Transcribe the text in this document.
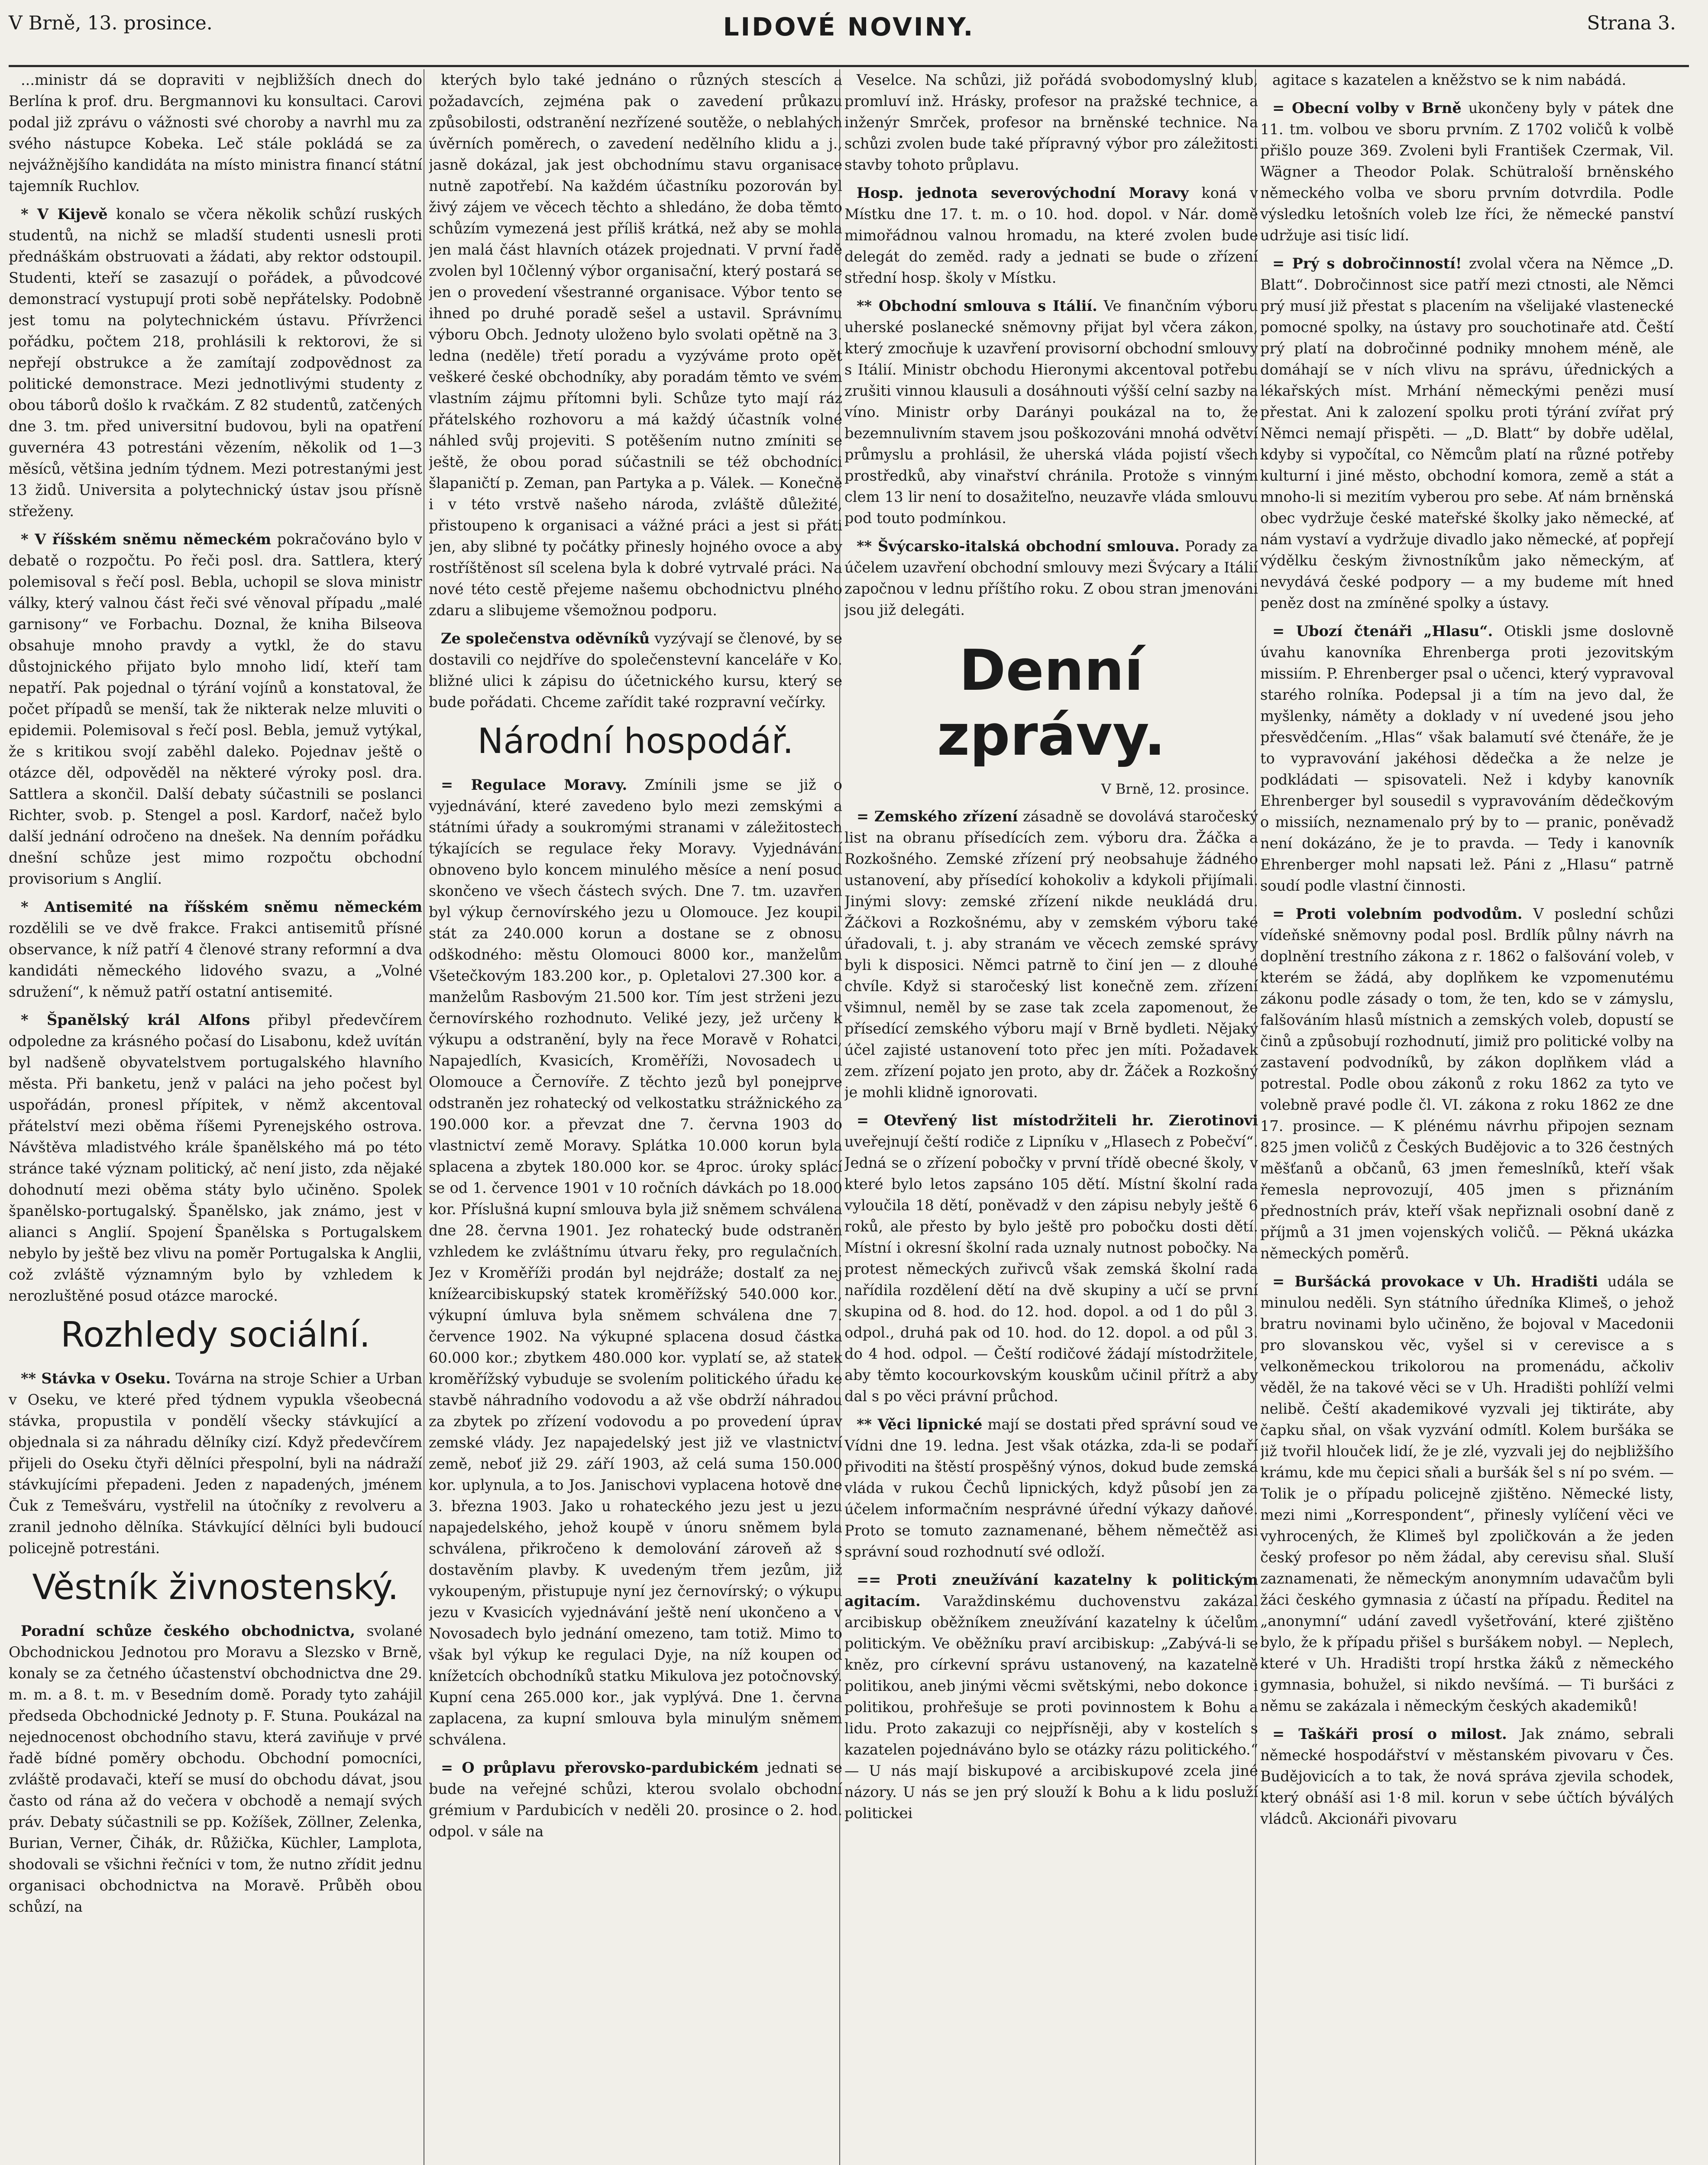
V Brně, 13. prosince.	LIDOVÉ NOVINY.	Strana 3.

...ministr dá se dopraviti v nejbližších dnech do Berlína k prof. dru. Bergmannovi ku konsultaci. Carovi podal již zprávu o vážnosti své choroby a navrhl mu za svého nástupce Kobeka. Leč stále pokládá se za nejvážnějšího kandidáta na místo ministra financí státní tajemník Ruchlov.

* V Kijevě konalo se včera několik schůzí ruských studentů, na nichž se mladší studenti usnesli proti přednáškám obstruovati a žádati, aby rektor odstoupil. Studenti, kteří se zasazují o pořádek, a původcové demonstrací vystupují proti sobě nepřátelsky. Podobně jest tomu na polytechnickém ústavu. Přívrženci pořádku, počtem 218, prohlásili k rektorovi, že si nepřejí obstrukce a že zamítají zodpovědnost za politické demonstrace. Mezi jednotlivými studenty z obou táborů došlo k rvačkám. Z 82 studentů, zatčených dne 3. tm. před universitní budovou, byli na opatření guvernéra 43 potrestáni vězením, několik od 1—3 měsíců, většina jedním týdnem. Mezi potrestanými jest 13 židů. Universita a polytechnický ústav jsou přísně střeženy.

* V říšském sněmu německém pokračováno bylo v debatě o rozpočtu. Po řeči posl. dra. Sattlera, který polemisoval s řečí posl. Bebla, uchopil se slova ministr války, který valnou část řeči své věnoval případu „malé garnisony“ ve Forbachu. Doznal, že kniha Bilseova obsahuje mnoho pravdy a vytkl, že do stavu důstojnického přijato bylo mnoho lidí, kteří tam nepatří. Pak pojednal o týrání vojínů a konstatoval, že počet případů se menší, tak že nikterak nelze mluviti o epidemii. Polemisoval s řečí posl. Bebla, jemuž vytýkal, že s kritikou svojí zaběhl daleko. Pojednav ještě o otázce děl, odpověděl na některé výroky posl. dra. Sattlera a skončil. Další debaty súčastnili se poslanci Richter, svob. p. Stengel a posl. Kardorf, načež bylo další jednání odročeno na dnešek. Na denním pořádku dnešní schůze jest mimo rozpočtu obchodní provisorium s Anglií.

* Antisemité na říšském sněmu německém rozdělili se ve dvě frakce. Frakci antisemitů přísné observance, k níž patří 4 členové strany reformní a dva kandidáti německého lidového svazu, a „Volné sdružení“, k němuž patří ostatní antisemité.

* Španělský král Alfons přibyl předevčírem odpoledne za krásného počasí do Lisabonu, kdež uvítán byl nadšeně obyvatelstvem portugalského hlavního města. Při banketu, jenž v paláci na jeho počest byl uspořádán, pronesl přípitek, v němž akcentoval přátelství mezi oběma říšemi Pyrenejského ostrova. Návštěva mladistvého krále španělského má po této stránce také význam politický, ač není jisto, zda nějaké dohodnutí mezi oběma státy bylo učiněno. Spolek španělsko-portugalský. Španělsko, jak známo, jest v alianci s Anglií. Spojení Španělska s Portugalskem nebylo by ještě bez vlivu na poměr Portugalska k Anglii, což zvláště významným bylo by vzhledem k nerozluštěné posud otázce marocké.

Rozhledy sociální.

** Stávka v Oseku. Továrna na stroje Schier a Urban v Oseku, ve které před týdnem vypukla všeobecná stávka, propustila v pondělí všecky stávkující a objednala si za náhradu dělníky cizí. Když předevčírem přijeli do Oseku čtyři dělníci přespolní, byli na nádraží stávkujícími přepadeni. Jeden z napadených, jménem Čuk z Temešváru, vystřelil na útočníky z revolveru a zranil jednoho dělníka. Stávkující dělníci byli budoucí policejně potrestáni.

Věstník živnostenský.

Poradní schůze českého obchodnictva, svolané Obchodnickou Jednotou pro Moravu a Slezsko v Brně, konaly se za četného účastenství obchodnictva dne 29. m. m. a 8. t. m. v Besedním domě. Porady tyto zahájil předseda Obchodnické Jednoty p. F. Stuna. Poukázal na nejednocenost obchodního stavu, která zaviňuje v prvé řadě bídné poměry obchodu. Obchodní pomocníci, zvláště prodavači, kteří se musí do obchodu dávat, jsou často od rána až do večera v obchodě a nemají svých práv. Debaty súčastnili se pp. Kožíšek, Zöllner, Zelenka, Burian, Verner, Čihák, dr. Růžička, Küchler, Lamplota, shodovali se všichni řečníci v tom, že nutno zřídit jednu organisaci obchodnictva na Moravě. Průběh obou schůzí, na

kterých bylo také jednáno o různých stescích a požadavcích, zejména pak o zavedení průkazu způsobilosti, odstranění nezřízené soutěže, o neblahých úvěrních poměrech, o zavedení nedělního klidu a j., jasně dokázal, jak jest obchodnímu stavu organisace nutně zapotřebí. Na každém účastníku pozorován byl živý zájem ve věcech těchto a shledáno, že doba těmto schůzím vymezená jest příliš krátká, než aby se mohla jen malá část hlavních otázek projednati. V první řadě zvolen byl 10členný výbor organisační, který postará se jen o provedení všestranné organisace. Výbor tento se ihned po druhé poradě sešel a ustavil. Správnímu výboru Obch. Jednoty uloženo bylo svolati opětně na 3. ledna (neděle) třetí poradu a vyzýváme proto opět veškeré české obchodníky, aby poradám těmto ve svém vlastním zájmu přítomni byli. Schůze tyto mají ráz přátelského rozhovoru a má každý účastník volné náhled svůj projeviti. S potěšením nutno zmíniti se ještě, že obou porad súčastnili se též obchodníci šlapaničtí p. Zeman, pan Partyka a p. Válek. — Konečně i v této vrstvě našeho národa, zvláště důležité, přistoupeno k organisaci a vážné práci a jest si přáti jen, aby slibné ty počátky přinesly hojného ovoce a aby rostříštěnost síl scelena byla k dobré vytrvalé práci. Na nové této cestě přejeme našemu obchodnictvu plného zdaru a slibujeme všemožnou podporu.

Ze společenstva oděvníků vyzývají se členové, by se dostavili co nejdříve do společenstevní kanceláře v Ko. bližné ulici k zápisu do účetnického kursu, který se bude pořádati. Chceme zařídit také rozpravní večírky.

Národní hospodář.

= Regulace Moravy. Zmínili jsme se již o vyjednávání, které zavedeno bylo mezi zemskými a státními úřady a soukromými stranami v záležitostech týkajících se regulace řeky Moravy. Vyjednávání obnoveno bylo koncem minulého měsíce a není posud skončeno ve všech částech svých. Dne 7. tm. uzavřen byl výkup černovírského jezu u Olomouce. Jez koupil stát za 240.000 korun a dostane se z obnosu odškodného: městu Olomouci 8000 kor., manželům Všetečkovým 183.200 kor., p. Opletalovi 27.300 kor. a manželům Rasbovým 21.500 kor. Tím jest strženi jezu černovírského rozhodnuto. Veliké jezy, jež určeny k výkupu a odstranění, byly na řece Moravě v Rohatci, Napajedlích, Kvasicích, Kroměříži, Novosadech u Olomouce a Černovíře. Z těchto jezů byl ponejprve odstraněn jez rohatecký od velkostatku strážnického za 190.000 kor. a převzat dne 7. června 1903 do vlastnictví země Moravy. Splátka 10.000 korun byla splacena a zbytek 180.000 kor. se 4proc. úroky splácí se od 1. července 1901 v 10 ročních dávkách po 18.000 kor. Příslušná kupní smlouva byla již sněmem schválena dne 28. června 1901. Jez rohatecký bude odstraněn vzhledem ke zvláštnímu útvaru řeky, pro regulačních. Jez v Kroměříži prodán byl nejdráže; dostalť za nej knížearcibiskupský statek kroměřížský 540.000 kor., výkupní úmluva byla sněmem schválena dne 7. července 1902. Na výkupné splacena dosud částka 60.000 kor.; zbytkem 480.000 kor. vyplatí se, až statek kroměřížský vybuduje se svolením politického úřadu ke stavbě náhradního vodovodu a až vše obdrží náhradou za zbytek po zřízení vodovodu a po provedení úprav zemské vlády. Jez napajedelský jest již ve vlastnictví země, neboť již 29. září 1903, až celá suma 150.000 kor. uplynula, a to Jos. Janischovi vyplacena hotově dne 3. března 1903. Jako u rohateckého jezu jest u jezu napajedelského, jehož koupě v únoru sněmem byla schválena, přikročeno k demolování zároveň až s dostavěním plavby. K uvedeným třem jezům, již vykoupeným, přistupuje nyní jez černovírský; o výkupu jezu v Kvasicích vyjednávání ještě není ukončeno a v Novosadech bylo jednání omezeno, tam totiž. Mimo to však byl výkup ke regulaci Dyje, na níž koupen od knížetcích obchodníků statku Mikulova jez potočnovský. Kupní cena 265.000 kor., jak vyplývá. Dne 1. června zaplacena, za kupní smlouva byla minulým sněmem schválena.

= O průplavu přerovsko-pardubickém jednati se bude na veřejné schůzi, kterou svolalo obchodní grémium v Pardubicích v neděli 20. prosince o 2. hod. odpol. v sále na

Veselce. Na schůzi, již pořádá svobodomyslný klub, promluví inž. Hrásky, profesor na pražské technice, a inženýr Smrček, profesor na brněnské technice. Na schůzi zvolen bude také přípravný výbor pro záležitosti stavby tohoto průplavu.

Hosp. jednota severovýchodní Moravy koná v Místku dne 17. t. m. o 10. hod. dopol. v Nár. domě mimořádnou valnou hromadu, na které zvolen bude delegát do zeměd. rady a jednati se bude o zřízení střední hosp. školy v Místku.

** Obchodní smlouva s Itálií. Ve finančním výboru uherské poslanecké sněmovny přijat byl včera zákon, který zmocňuje k uzavření provisorní obchodní smlouvy s Itálií. Ministr obchodu Hieronymi akcentoval potřebu zrušiti vinnou klausuli a dosáhnouti výšší celní sazby na víno. Ministr orby Darányi poukázal na to, že bezemnulivním stavem jsou poškozováni mnohá odvětví průmyslu a prohlásil, že uherská vláda pojistí všech prostředků, aby vinařství chránila. Protože s vinným clem 13 lir není to dosažiteľno, neuzavře vláda smlouvu pod touto podmínkou.

** Švýcarsko-italská obchodní smlouva. Porady za účelem uzavření obchodní smlouvy mezi Švýcary a Itálií započnou v lednu příštího roku. Z obou stran jmenováni jsou již delegáti.

Denní zprávy.
V Brně, 12. prosince.

= Zemského zřízení zásadně se dovolává staročeský list na obranu přísedících zem. výboru dra. Žáčka a Rozkošného. Zemské zřízení prý neobsahuje žádného ustanovení, aby přísedící kohokoliv a kdykoli přijímali. Jinými slovy: zemské zřízení nikde neukládá dru. Žáčkovi a Rozkošnému, aby v zemském výboru také úřadovali, t. j. aby stranám ve věcech zemské správy byli k disposici. Němci patrně to činí jen — z dlouhé chvíle. Když si staročeský list konečně zem. zřízení všimnul, neměl by se zase tak zcela zapomenout, že přísedící zemského výboru mají v Brně bydleti. Nějaký účel zajisté ustanovení toto přec jen míti. Požadavek zem. zřízení pojato jen proto, aby dr. Žáček a Rozkošný je mohli klidně ignorovati.

= Otevřený list místodržiteli hr. Zierotinovi uveřejnují čeští rodiče z Lipníku v „Hlasech z Pobečví“. Jedná se o zřízení pobočky v první třídě obecné školy, v které bylo letos zapsáno 105 dětí. Místní školní rada vyloučila 18 dětí, poněvadž v den zápisu nebyly ještě 6 roků, ale přesto by bylo ještě pro pobočku dosti dětí. Místní i okresní školní rada uznaly nutnost pobočky. Na protest německých zuřivců však zemská školní rada nařídila rozdělení dětí na dvě skupiny a učí se první skupina od 8. hod. do 12. hod. dopol. a od 1 do půl 3. odpol., druhá pak od 10. hod. do 12. dopol. a od půl 3. do 4 hod. odpol. — Čeští rodičové žádají místodržitele, aby těmto kocourkovským kouskům učinil přítrž a aby dal s po věci právní průchod.

** Věci lipnické mají se dostati před správní soud ve Vídni dne 19. ledna. Jest však otázka, zda-li se podaří přivoditi na štěstí prospěšný výnos, dokud bude zemská vláda v rukou Čechů lipnických, když působí jen za účelem informačním nesprávné úřední výkazy daňové. Proto se tomuto zaznamenané, během němečtěž asi správní soud rozhodnutí své odloží.

== Proti zneužívání kazatelny k politickým agitacím. Varaždinskému duchovenstvu zakázal arcibiskup oběžníkem zneužívání kazatelny k účelům politickým. Ve oběžníku praví arcibiskup: „Zabývá-li se kněz, pro církevní správu ustanovený, na kazatelně politikou, aneb jinými věcmi světskými, nebo dokonce i politikou, prohřešuje se proti povinnostem k Bohu a lidu. Proto zakazuji co nejpřísněji, aby v kostelích s kazatelen pojednáváno bylo se otázky rázu politického.“ — U nás mají biskupové a arcibiskupové zcela jiné názory. U nás se jen prý slouží k Bohu a k lidu posluží politickei

agitace s kazatelen a kněžstvo se k nim nabádá.

= Obecní volby v Brně ukončeny byly v pátek dne 11. tm. volbou ve sboru prvním. Z 1702 voličů k volbě přišlo pouze 369. Zvoleni byli František Czermak, Vil. Wägner a Theodor Polak. Schütraloší brněnského německého volba ve sboru prvním dotvrdila. Podle výsledku letošních voleb lze říci, že německé panství udržuje asi tisíc lidí.

= Prý s dobročinností! zvolal včera na Němce „D. Blatt“. Dobročinnost sice patří mezi ctnosti, ale Němci prý musí již přestat s placením na všelijaké vlastenecké pomocné spolky, na ústavy pro souchotinaře atd. Čeští prý platí na dobročinné podniky mnohem méně, ale domáhají se v ních vlivu na správu, úřednických a lékařských míst. Mrhání německými penězi musí přestat. Ani k zalození spolku proti týrání zvířat prý Němci nemají přispěti. — „D. Blatt“ by dobře udělal, kdyby si vypočítal, co Němcům platí na různé potřeby kulturní i jiné město, obchodní komora, země a stát a mnoho-li si mezitím vyberou pro sebe. Ať nám brněnská obec vydržuje české mateřské školky jako německé, ať nám vystaví a vydržuje divadlo jako německé, ať popřejí výdělku českým živnostníkům jako německým, ať nevydává české podpory — a my budeme mít hned peněz dost na zmíněné spolky a ústavy.

= Ubozí čtenáři „Hlasu“. Otiskli jsme doslovně úvahu kanovníka Ehrenberga proti jezovitským missiím. P. Ehrenberger psal o učenci, který vypravoval starého rolníka. Podepsal ji a tím na jevo dal, že myšlenky, náměty a doklady v ní uvedené jsou jeho přesvědčením. „Hlas“ však balamutí své čtenáře, že je to vypravování jakéhosi dědečka a že nelze je podkládati — spisovateli. Než i kdyby kanovník Ehrenberger byl sousedil s vypravováním dědečkovým o missiích, neznamenalo prý by to — pranic, poněvadž není dokázáno, že je to pravda. — Tedy i kanovník Ehrenberger mohl napsati lež. Páni z „Hlasu“ patrně soudí podle vlastní činnosti.

= Proti volebním podvodům. V poslední schůzi vídeňské sněmovny podal posl. Brdlík půlny návrh na doplnění trestního zákona z r. 1862 o falšování voleb, v kterém se žádá, aby doplňkem ke vzpomenutému zákonu podle zásady o tom, že ten, kdo se v zámyslu, falšováním hlasů místnich a zemských voleb, dopustí se činů a způsobují rozhodnutí, jimiž pro politické volby na zastavení podvodníků, by zákon doplňkem vlád a potrestal. Podle obou zákonů z roku 1862 za tyto ve volebně pravé podle čl. VI. zákona z roku 1862 ze dne 17. prosince. — K plénému návrhu připojen seznam 825 jmen voličů z Českých Budějovic a to 326 čestných měšťanů a občanů, 63 jmen řemeslníků, kteří však řemesla neprovozují, 405 jmen s přiznáním přednostních práv, kteří však nepřiznali osobní daně z příjmů a 31 jmen vojenských voličů. — Pěkná ukázka německých poměrů.

= Buršácká provokace v Uh. Hradišti udála se minulou neděli. Syn státního úředníka Klimeš, o jehož bratru novinami bylo učiněno, že bojoval v Macedonii pro slovanskou věc, vyšel si v cerevisce a s velkoněmeckou trikolorou na promenádu, ačkoliv věděl, že na takové věci se v Uh. Hradišti pohlíží velmi nelibě. Čeští akademikové vyzvali jej tiktiráte, aby čapku sňal, on však vyzvání odmítl. Kolem buršáka se již tvořil hlouček lidí, že je zlé, vyzvali jej do nejbližšího krámu, kde mu čepici sňali a buršák šel s ní po svém. — Tolik je o případu policejně zjištěno. Německé listy, mezi nimi „Korrespondent“, přinesly vylíčení věci ve vyhrocených, že Klimeš byl zpoličkován a že jeden český profesor po něm žádal, aby cerevisu sňal. Sluší zaznamenati, že německým anonymním udavačům byli žáci českého gymnasia z účastí na případu. Ředitel na „anonymní“ udání zavedl vyšetřování, které zjištěno bylo, že k případu přišel s buršákem nobyl. — Neplech, které v Uh. Hradišti tropí hrstka žáků z německého gymnasia, bohužel, si nikdo nevšímá. — Ti buršáci z němu se zakázala i německým českých akademiků!

= Taškáři prosí o milost. Jak známo, sebrali německé hospodářství v městanském pivovaru v Čes. Budějovicích a to tak, že nová správa zjevila schodek, který obnáší asi 1·8 mil. korun v sebe účtích býválých vládců. Akcionáři pivovaru
